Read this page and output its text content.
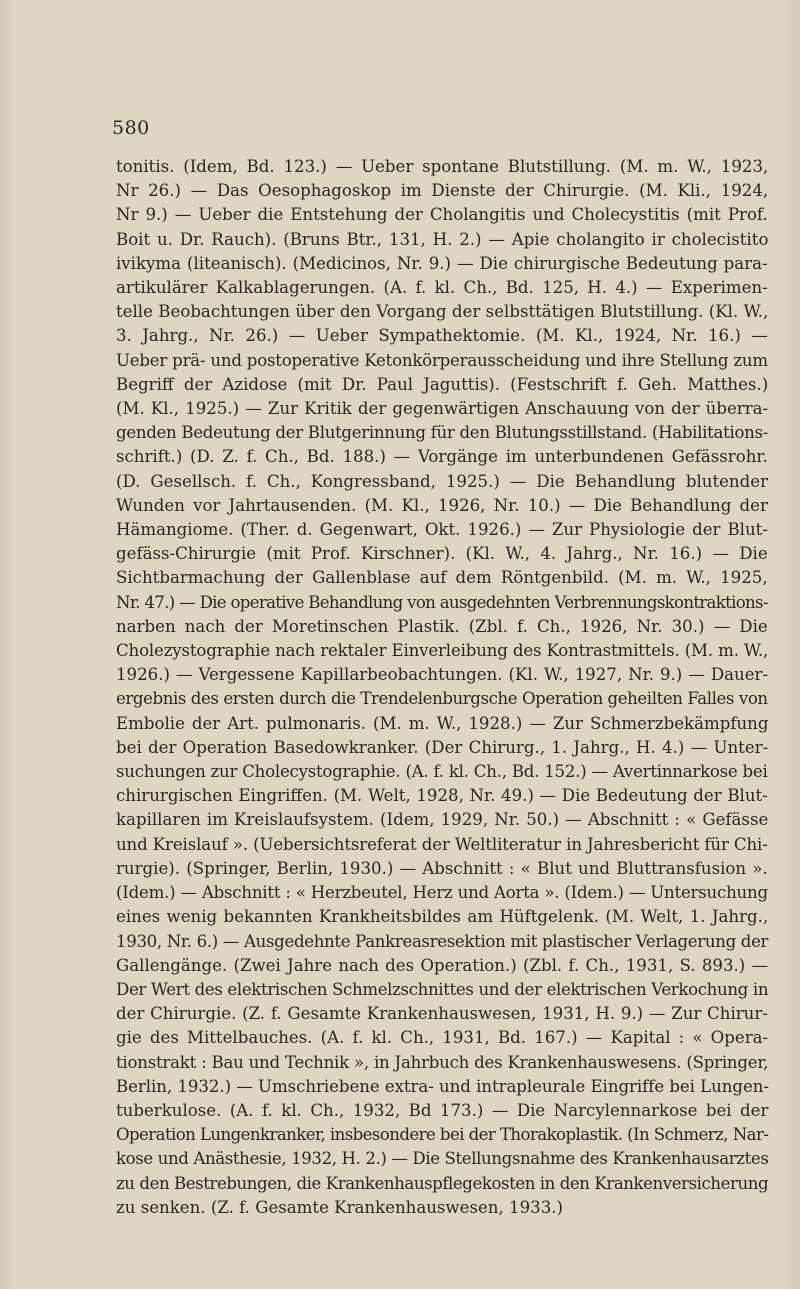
580
tonitis. (Idem, Bd. 123.) — Ueber spontane Blutstillung. (M. m. W., 1923,
Nr 26.) — Das Oesophagoskop im Dienste der Chirurgie. (M. Kli., 1924,
Nr 9.) — Ueber die Entstehung der Cholangitis und Cholecystitis (mit Prof.
Boit u. Dr. Rauch). (Bruns Btr., 131, H. 2.) — Apie cholangito ir cholecistito
ivikyma (liteanisch). (Medicinos, Nr. 9.) — Die chirurgische Bedeutung para-
artikulärer Kalkablagerungen. (A. f. kl. Ch., Bd. 125, H. 4.) — Experimen-
telle Beobachtungen über den Vorgang der selbsttätigen Blutstillung. (Kl. W.,
3. Jahrg., Nr. 26.) — Ueber Sympathektomie. (M. Kl., 1924, Nr. 16.) —
Ueber prä- und postoperative Ketonkörperausscheidung und ihre Stellung zum
Begriff der Azidose (mit Dr. Paul Jaguttis). (Festschrift f. Geh. Matthes.)
(M. Kl., 1925.) — Zur Kritik der gegenwärtigen Anschauung von der überra-
genden Bedeutung der Blutgerinnung für den Blutungsstillstand. (Habilitations-
schrift.) (D. Z. f. Ch., Bd. 188.) — Vorgänge im unterbundenen Gefässrohr.
(D. Gesellsch. f. Ch., Kongressband, 1925.) — Die Behandlung blutender
Wunden vor Jahrtausenden. (M. Kl., 1926, Nr. 10.) — Die Behandlung der
Hämangiome. (Ther. d. Gegenwart, Okt. 1926.) — Zur Physiologie der Blut-
gefäss-Chirurgie (mit Prof. Kirschner). (Kl. W., 4. Jahrg., Nr. 16.) — Die
Sichtbarmachung der Gallenblase auf dem Röntgenbild. (M. m. W., 1925,
Nr. 47.) — Die operative Behandlung von ausgedehnten Verbrennungskontraktions-
narben nach der Moretinschen Plastik. (Zbl. f. Ch., 1926, Nr. 30.) — Die
Cholezystographie nach rektaler Einverleibung des Kontrastmittels. (M. m. W.,
1926.) — Vergessene Kapillarbeobachtungen. (Kl. W., 1927, Nr. 9.) — Dauer-
ergebnis des ersten durch die Trendelenburgsche Operation geheilten Falles von
Embolie der Art. pulmonaris. (M. m. W., 1928.) — Zur Schmerzbekämpfung
bei der Operation Basedowkranker. (Der Chirurg., 1. Jahrg., H. 4.) — Unter-
suchungen zur Cholecystographie. (A. f. kl. Ch., Bd. 152.) — Avertinnarkose bei
chirurgischen Eingriffen. (M. Welt, 1928, Nr. 49.) — Die Bedeutung der Blut-
kapillaren im Kreislaufsystem. (Idem, 1929, Nr. 50.) — Abschnitt : « Gefässe
und Kreislauf ». (Uebersichtsreferat der Weltliteratur in Jahresbericht für Chi-
rurgie). (Springer, Berlin, 1930.) — Abschnitt : « Blut und Bluttransfusion ».
(Idem.) — Abschnitt : « Herzbeutel, Herz und Aorta ». (Idem.) — Untersuchung
eines wenig bekannten Krankheitsbildes am Hüftgelenk. (M. Welt, 1. Jahrg.,
1930, Nr. 6.) — Ausgedehnte Pankreasresektion mit plastischer Verlagerung der
Gallengänge. (Zwei Jahre nach des Operation.) (Zbl. f. Ch., 1931, S. 893.) —
Der Wert des elektrischen Schmelzschnittes und der elektrischen Verkochung in
der Chirurgie. (Z. f. Gesamte Krankenhauswesen, 1931, H. 9.) — Zur Chirur-
gie des Mittelbauches. (A. f. kl. Ch., 1931, Bd. 167.) — Kapital : « Opera-
tionstrakt : Bau und Technik », in Jahrbuch des Krankenhauswesens. (Springer,
Berlin, 1932.) — Umschriebene extra- und intrapleurale Eingriffe bei Lungen-
tuberkulose. (A. f. kl. Ch., 1932, Bd 173.) — Die Narcylennarkose bei der
Operation Lungenkranker, insbesondere bei der Thorakoplastik. (In Schmerz, Nar-
kose und Anästhesie, 1932, H. 2.) — Die Stellungsnahme des Krankenhausarztes
zu den Bestrebungen, die Krankenhauspflegekosten in den Krankenversicherung
zu senken. (Z. f. Gesamte Krankenhauswesen, 1933.)
